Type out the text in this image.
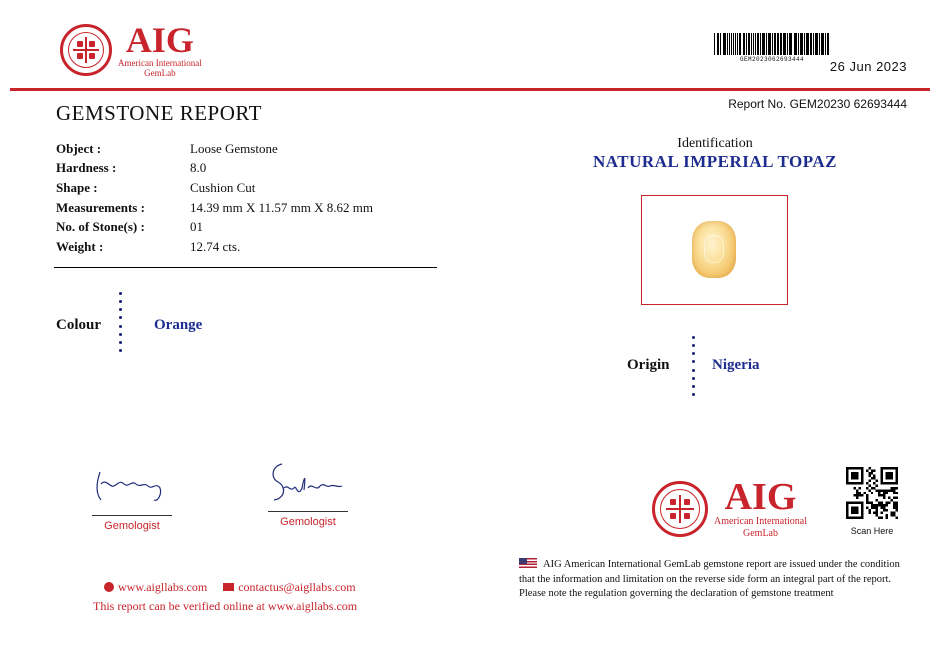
AIG
American International
GemLab
GEM2023062693444	26 Jun 2023
GEMSTONE REPORT	Report No. GEM20230 62693444
Object :	Loose Gemstone
Hardness :	8.0
Shape :	Cushion Cut
Measurements :	14.39 mm X 11.57 mm X 8.62 mm
No. of Stone(s) :	01
Weight :	12.74 cts.
Colour	Orange
Identification
NATURAL IMPERIAL TOPAZ
Origin	Nigeria
Gemologist	Gemologist
www.aigllabs.com	contactus@aigllabs.com
This report can be verified online at www.aigllabs.com
AIG
American International
GemLab	Scan Here
AIG American International GemLab gemstone report are issued under the condition that the information and limitation on the reverse side form an integral part of the report. Please note the regulation governing the declaration of gemstone treatment
